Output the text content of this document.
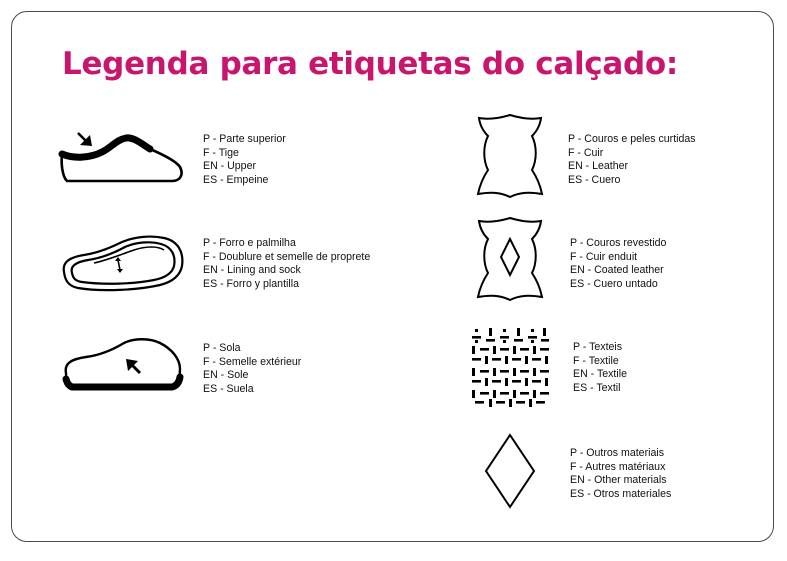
Legenda para etiquetas do calçado:
P - Parte superior
F - Tige
EN - Upper
ES - Empeine
P - Forro e palmilha
F - Doublure et semelle de proprete
EN - Lining and sock
ES - Forro y plantilla
P - Sola
F - Semelle extérieur
EN - Sole
ES - Suela
P - Couros e peles curtidas
F - Cuir
EN - Leather
ES - Cuero
P - Couros revestido
F - Cuir enduit
EN - Coated leather
ES - Cuero untado
P - Texteis
F - Textile
EN - Textile
ES - Textil
P - Outros materiais
F - Autres matériaux
EN - Other materials
ES - Otros materiales
